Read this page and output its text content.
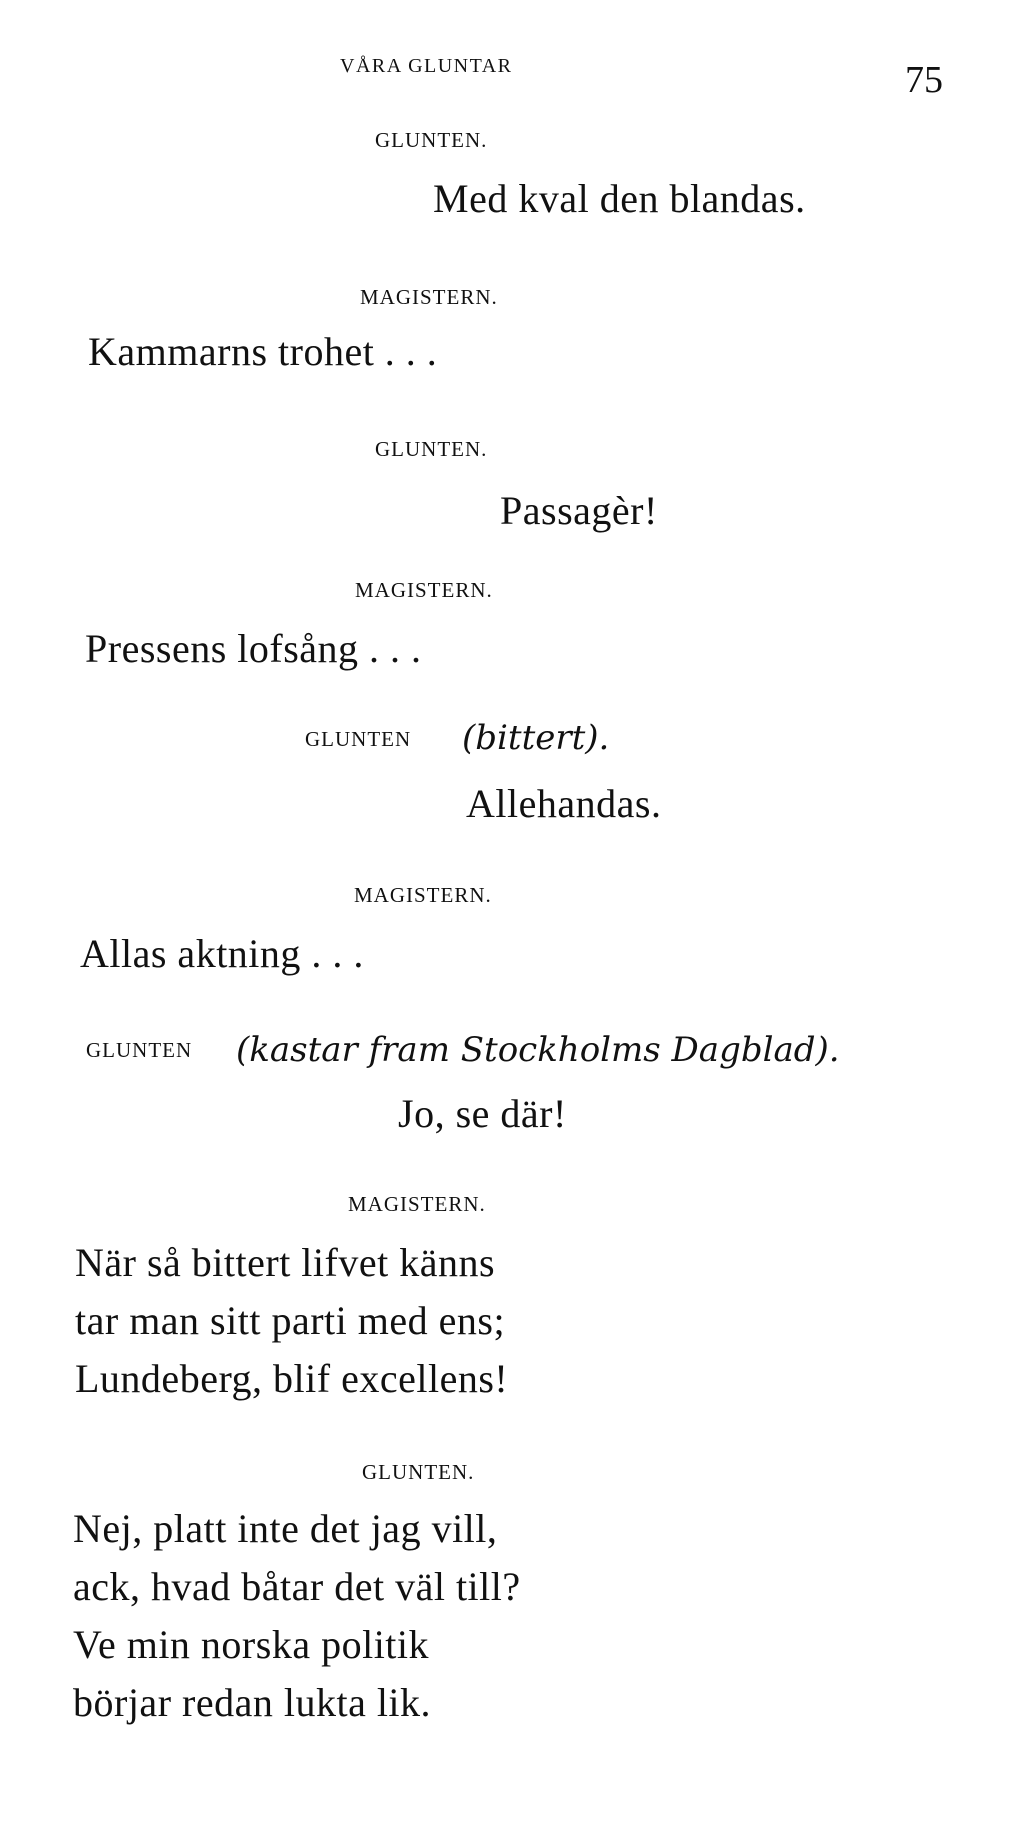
VÅRA GLUNTAR	75
GLUNTEN.
Med kval den blandas.
MAGISTERN.
Kammarns trohet . . .
GLUNTEN.
Passagèr!
MAGISTERN.
Pressens lofsång . . .
GLUNTEN (bittert).
Allehandas.
MAGISTERN.
Allas aktning . . .
GLUNTEN (kastar fram Stockholms Dagblad).
Jo, se där!
MAGISTERN.
När så bittert lifvet känns
tar man sitt parti med ens;
Lundeberg, blif excellens!
GLUNTEN.
Nej, platt inte det jag vill,
ack, hvad båtar det väl till?
Ve min norska politik
börjar redan lukta lik.
